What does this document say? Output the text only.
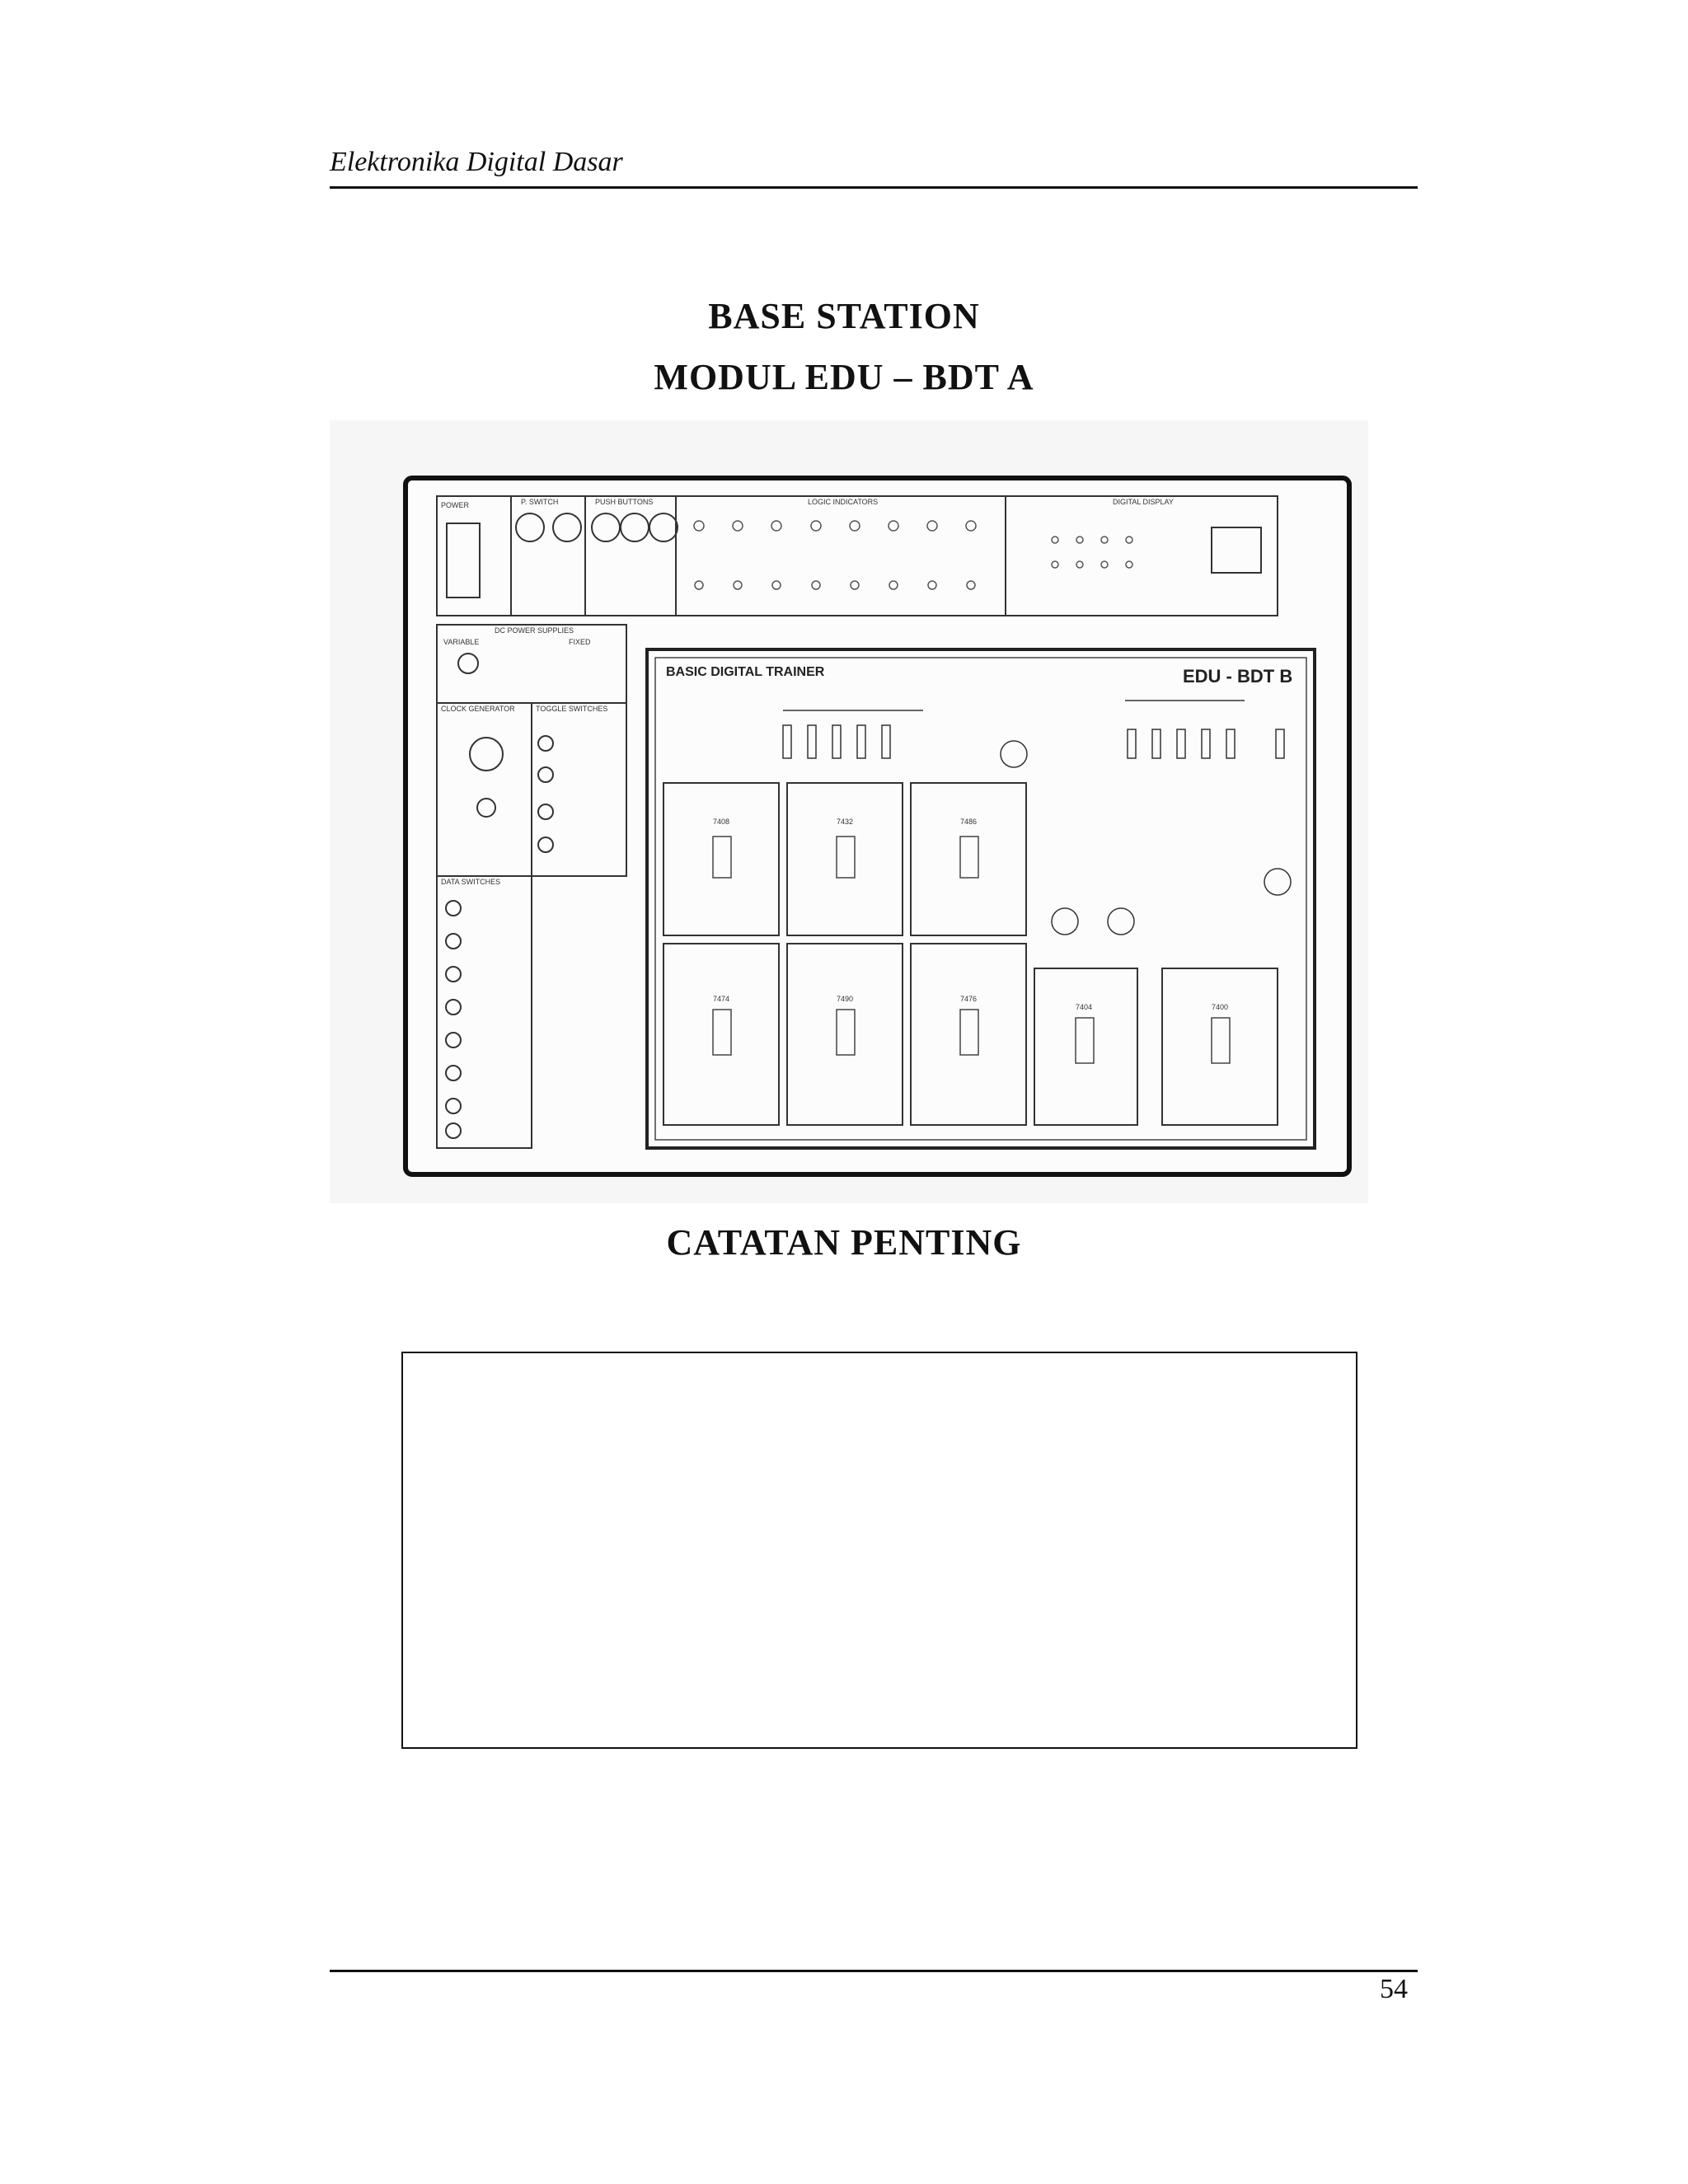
Elektronika Digital Dasar
BASE STATION
MODUL EDU – BDT A
POWER	P. SWITCH	PUSH BUTTONS	LOGIC INDICATORS	DIGITAL DISPLAY
DC POWER SUPPLIES
VARIABLE	FIXED
CLOCK GENERATOR	TOGGLE SWITCHES
DATA SWITCHES
BASIC DIGITAL TRAINER	EDU - BDT B
7408	7432	7486
7474	7490	7476
7404	7400
CATATAN PENTING
54
